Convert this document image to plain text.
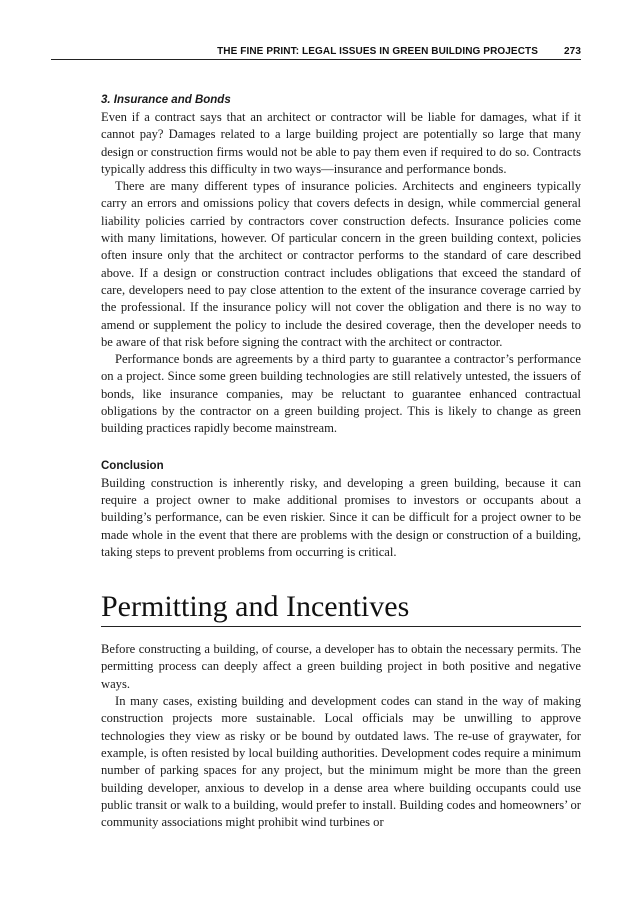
THE FINE PRINT: LEGAL ISSUES IN GREEN BUILDING PROJECTS	273
3. Insurance and Bonds

Even if a contract says that an architect or contractor will be liable for damages, what if it cannot pay? Damages related to a large building project are potentially so large that many design or construction firms would not be able to pay them even if required to do so. Contracts typically address this difficulty in two ways—insurance and performance bonds.

There are many different types of insurance policies. Architects and engineers typically carry an errors and omissions policy that covers defects in design, while commercial general liability policies carried by contractors cover construction defects. Insurance policies come with many limitations, however. Of particular concern in the green building context, policies often insure only that the architect or contractor performs to the standard of care described above. If a design or construction contract includes obligations that exceed the standard of care, developers need to pay close attention to the extent of the insurance coverage carried by the professional. If the insurance policy will not cover the obligation and there is no way to amend or supplement the policy to include the desired coverage, then the developer needs to be aware of that risk before signing the contract with the architect or contractor.

Performance bonds are agreements by a third party to guarantee a contractor’s performance on a project. Since some green building technologies are still relatively untested, the issuers of bonds, like insurance companies, may be reluctant to guarantee enhanced contractual obligations by the contractor on a green building project. This is likely to change as green building practices rapidly become mainstream.

Conclusion

Building construction is inherently risky, and developing a green building, because it can require a project owner to make additional promises to investors or occupants about a building’s performance, can be even riskier. Since it can be difficult for a project owner to be made whole in the event that there are problems with the design or construction of a building, taking steps to prevent problems from occurring is critical.

Permitting and Incentives

Before constructing a building, of course, a developer has to obtain the necessary permits. The permitting process can deeply affect a green building project in both positive and negative ways.

In many cases, existing building and development codes can stand in the way of making construction projects more sustainable. Local officials may be unwilling to approve technologies they view as risky or be bound by outdated laws. The re-use of graywater, for example, is often resisted by local building authorities. Development codes require a minimum number of parking spaces for any project, but the minimum might be more than the green building developer, anxious to develop in a dense area where building occupants could use public transit or walk to a building, would prefer to install. Building codes and homeowners’ or community associations might prohibit wind turbines or
